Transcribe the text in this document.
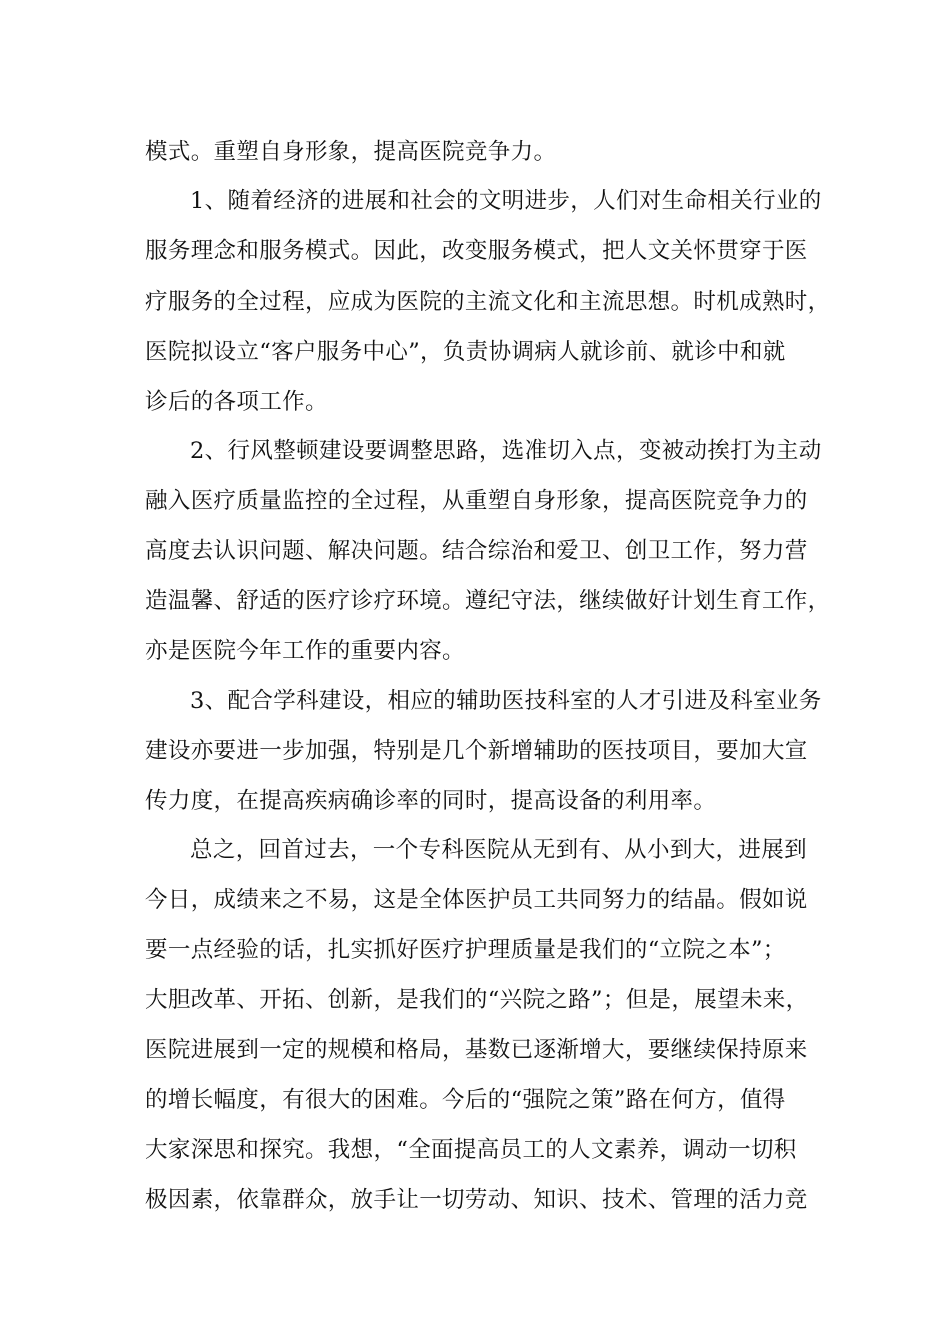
模式。重塑自身形象，提高医院竞争力。

1、随着经济的进展和社会的文明进步，人们对生命相关行业的

服务理念和服务模式。因此，改变服务模式，把人文关怀贯穿于医

疗服务的全过程，应成为医院的主流文化和主流思想。时机成熟时，

医院拟设立“客户服务中心”，负责协调病人就诊前、就诊中和就

诊后的各项工作。

2、行风整顿建设要调整思路，选准切入点，变被动挨打为主动

融入医疗质量监控的全过程，从重塑自身形象，提高医院竞争力的

高度去认识问题、解决问题。结合综治和爱卫、创卫工作，努力营

造温馨、舒适的医疗诊疗环境。遵纪守法，继续做好计划生育工作，

亦是医院今年工作的重要内容。

3、配合学科建设，相应的辅助医技科室的人才引进及科室业务

建设亦要进一步加强，特别是几个新增辅助的医技项目，要加大宣

传力度，在提高疾病确诊率的同时，提高设备的利用率。

总之，回首过去，一个专科医院从无到有、从小到大，进展到

今日，成绩来之不易，这是全体医护员工共同努力的结晶。假如说

要一点经验的话，扎实抓好医疗护理质量是我们的“立院之本”；

大胆改革、开拓、创新，是我们的“兴院之路”；但是，展望未来，

医院进展到一定的规模和格局，基数已逐渐增大，要继续保持原来

的增长幅度，有很大的困难。今后的“强院之策”路在何方，值得

大家深思和探究。我想，“全面提高员工的人文素养，调动一切积

极因素，依靠群众，放手让一切劳动、知识、技术、管理的活力竞
